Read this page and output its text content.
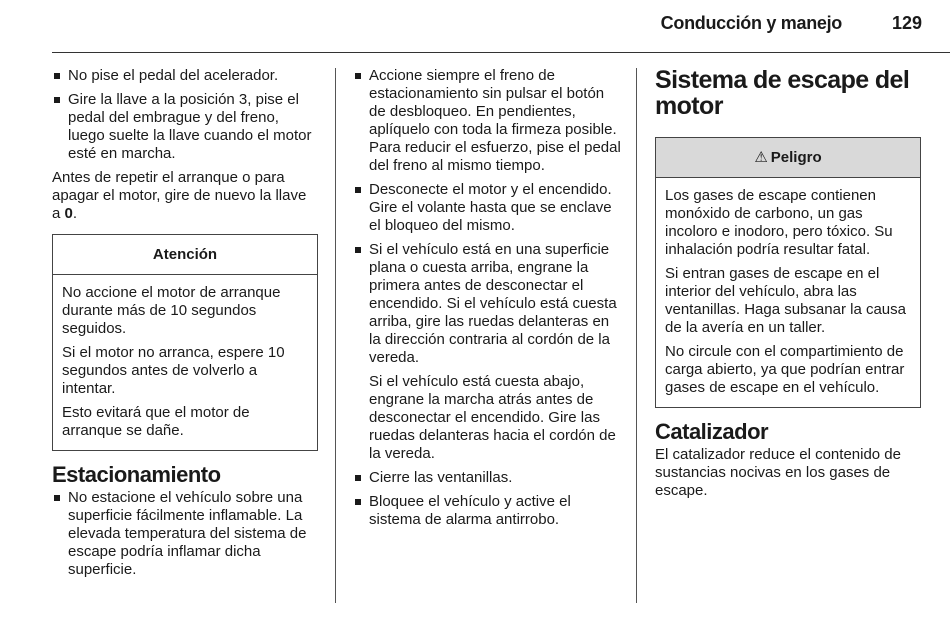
Conducción y manejo	129
No pise el pedal del acelerador.
Gire la llave a la posición 3, pise el pedal del embrague y del freno, luego suelte la llave cuando el motor esté en marcha.

Antes de repetir el arranque o para apagar el motor, gire de nuevo la llave a 0.

Atención

No accione el motor de arranque durante más de 10 segundos seguidos.

Si el motor no arranca, espere 10 segundos antes de volverlo a intentar.

Esto evitará que el motor de arranque se dañe.

Estacionamiento
No estacione el vehículo sobre una superficie fácilmente inflamable. La elevada temperatura del sistema de escape podría inflamar dicha superficie.
Accione siempre el freno de estacionamiento sin pulsar el botón de desbloqueo. En pendientes, aplíquelo con toda la firmeza posible. Para reducir el esfuerzo, pise el pedal del freno al mismo tiempo.
Desconecte el motor y el encendido. Gire el volante hasta que se enclave el bloqueo del mismo.
Si el vehículo está en una superficie plana o cuesta arriba, engrane la primera antes de desconectar el encendido. Si el vehículo está cuesta arriba, gire las ruedas delanteras en la dirección contraria al cordón de la vereda.

Si el vehículo está cuesta abajo, engrane la marcha atrás antes de desconectar el encendido. Gire las ruedas delanteras hacia el cordón de la vereda.

Cierre las ventanillas.
Bloquee el vehículo y active el sistema de alarma antirrobo.
Sistema de escape del motor
⚠ Peligro

Los gases de escape contienen monóxido de carbono, un gas incoloro e inodoro, pero tóxico. Su inhalación podría resultar fatal.

Si entran gases de escape en el interior del vehículo, abra las ventanillas. Haga subsanar la causa de la avería en un taller.

No circule con el compartimiento de carga abierto, ya que podrían entrar gases de escape en el vehículo.

Catalizador

El catalizador reduce el contenido de sustancias nocivas en los gases de escape.
